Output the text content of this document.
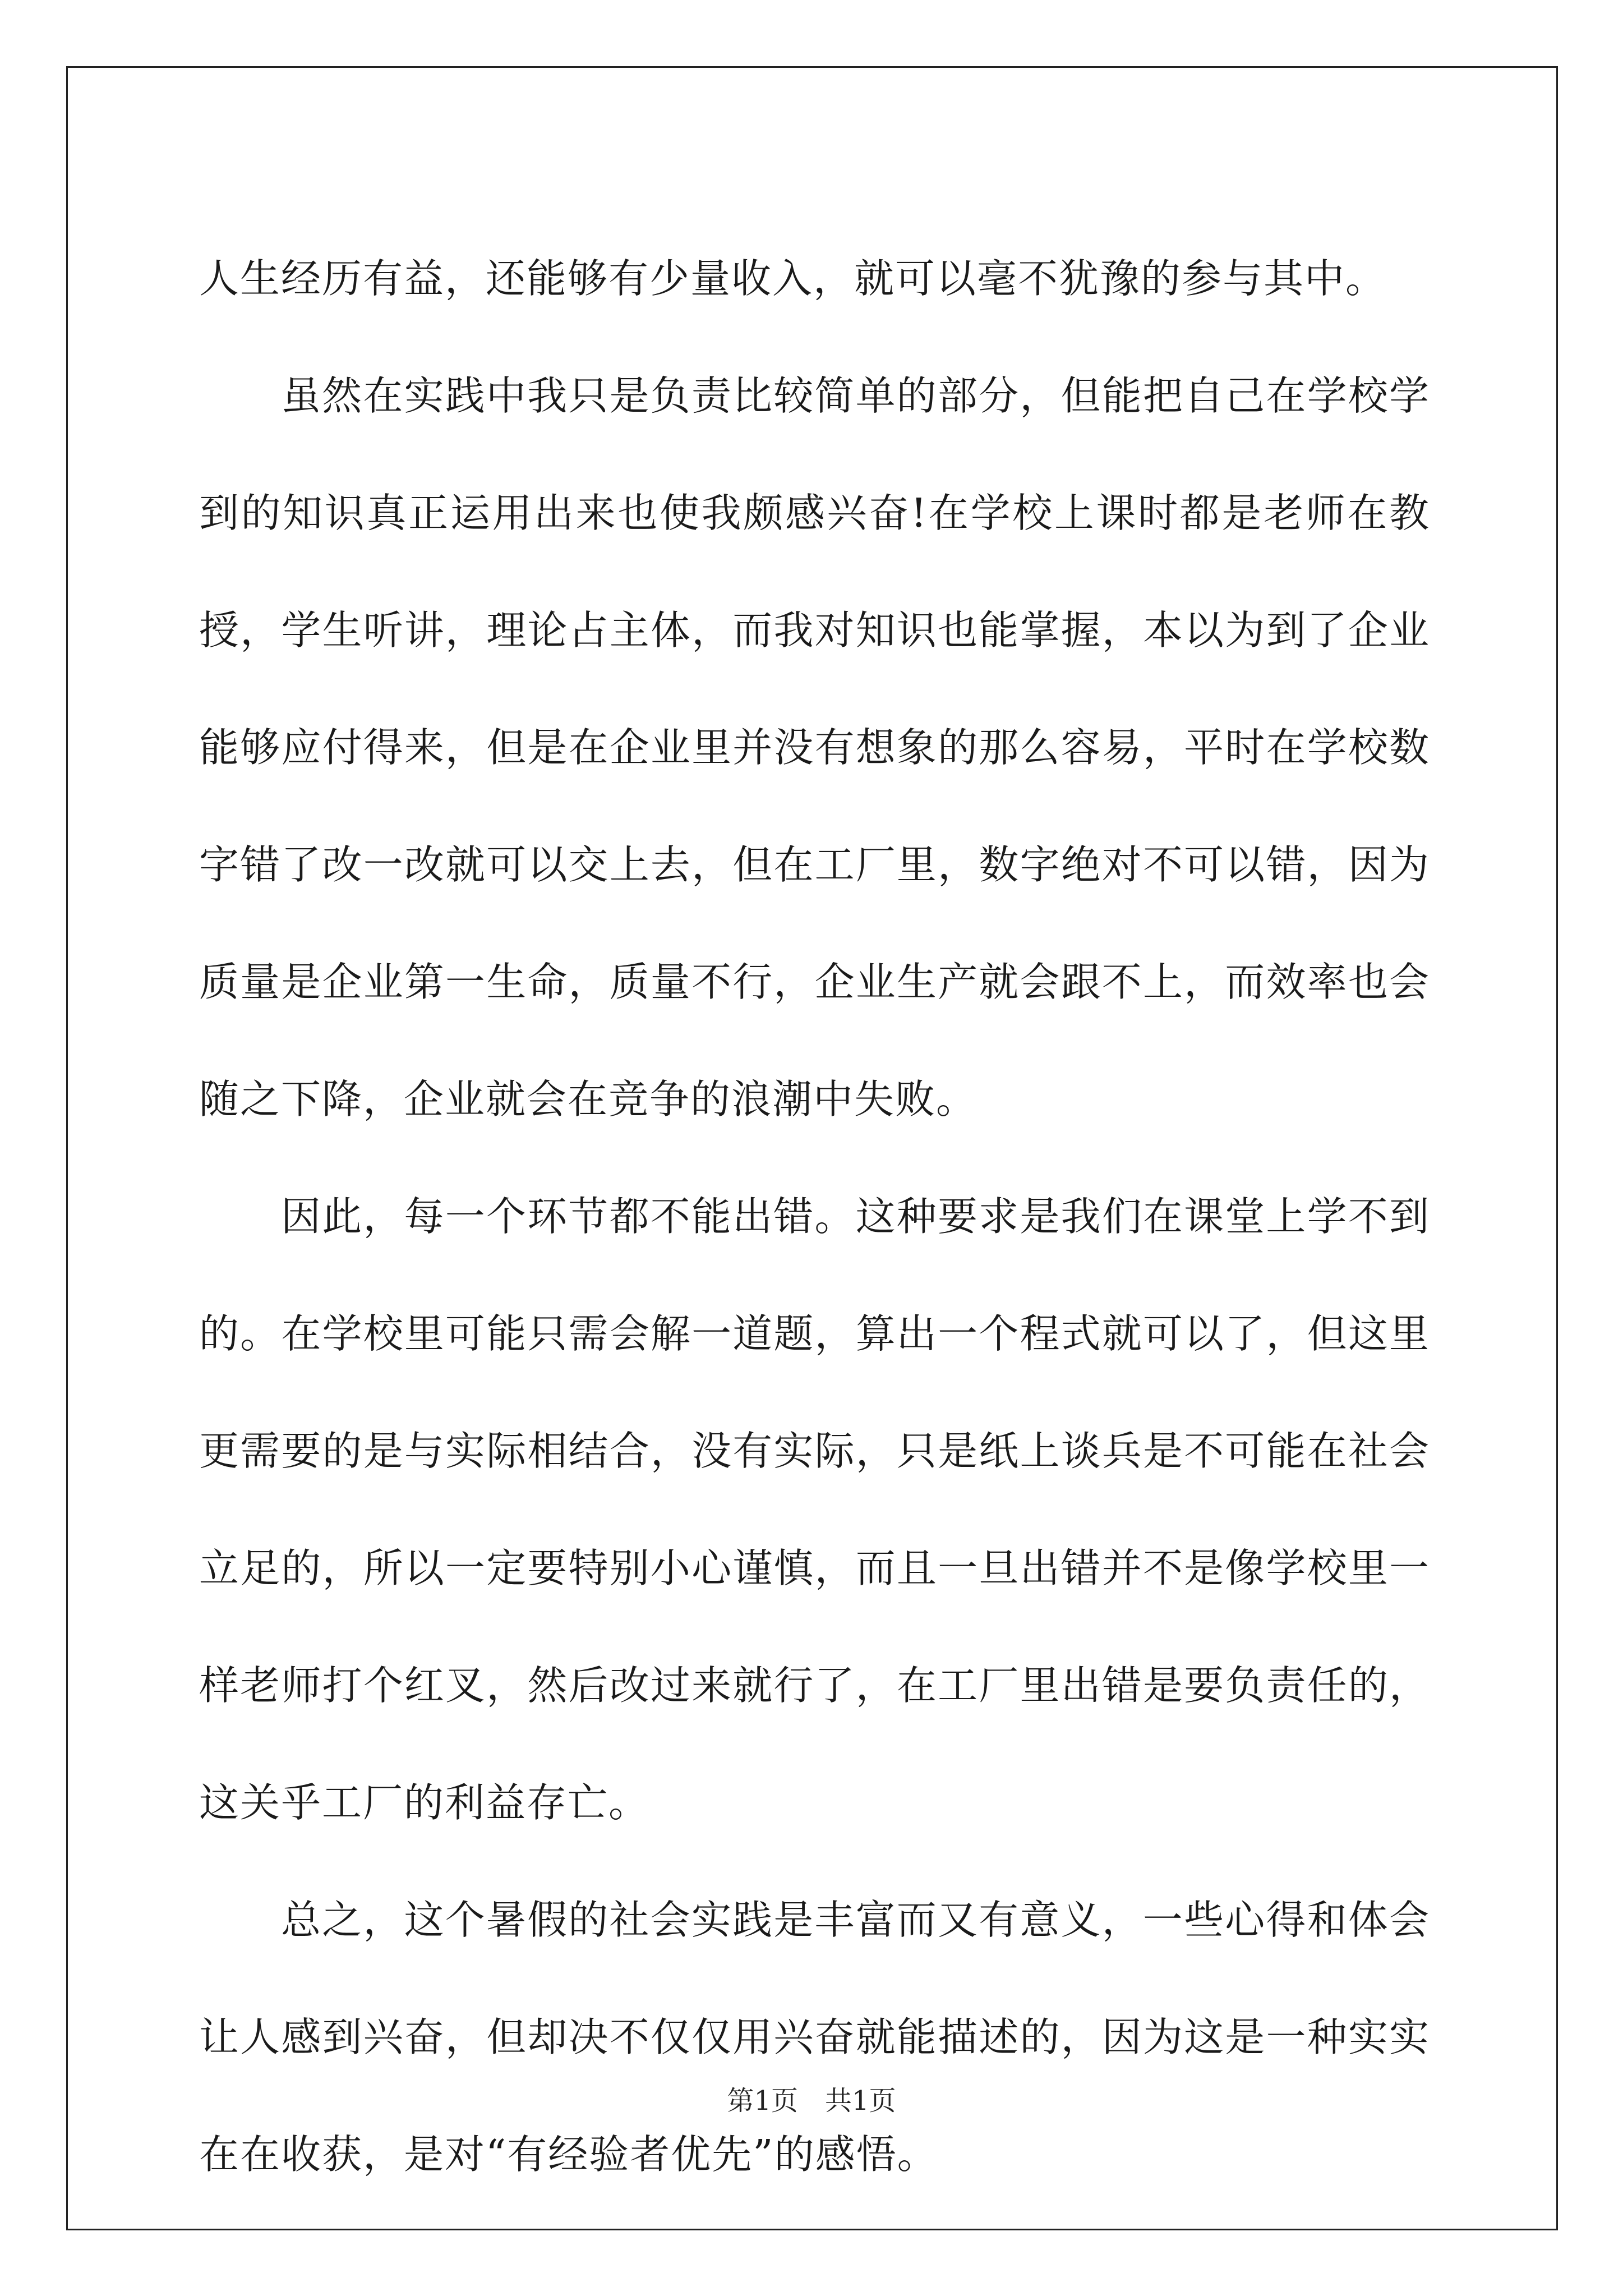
人生经历有益，还能够有少量收入，就可以毫不犹豫的参与其中。

虽然在实践中我只是负责比较简单的部分，但能把自己在学校学到的知识真正运用出来也使我颇感兴奋!在学校上课时都是老师在教授，学生听讲，理论占主体，而我对知识也能掌握，本以为到了企业能够应付得来，但是在企业里并没有想象的那么容易，平时在学校数字错了改一改就可以交上去，但在工厂里，数字绝对不可以错，因为质量是企业第一生命，质量不行，企业生产就会跟不上，而效率也会随之下降，企业就会在竞争的浪潮中失败。

因此，每一个环节都不能出错。这种要求是我们在课堂上学不到的。在学校里可能只需会解一道题，算出一个程式就可以了，但这里更需要的是与实际相结合，没有实际，只是纸上谈兵是不可能在社会立足的，所以一定要特别小心谨慎，而且一旦出错并不是像学校里一样老师打个红叉，然后改过来就行了，在工厂里出错是要负责任的，这关乎工厂的利益存亡。

总之，这个暑假的社会实践是丰富而又有意义，一些心得和体会让人感到兴奋，但却决不仅仅用兴奋就能描述的，因为这是一种实实在在收获，是对“有经验者优先”的感悟。

第1页　共1页
